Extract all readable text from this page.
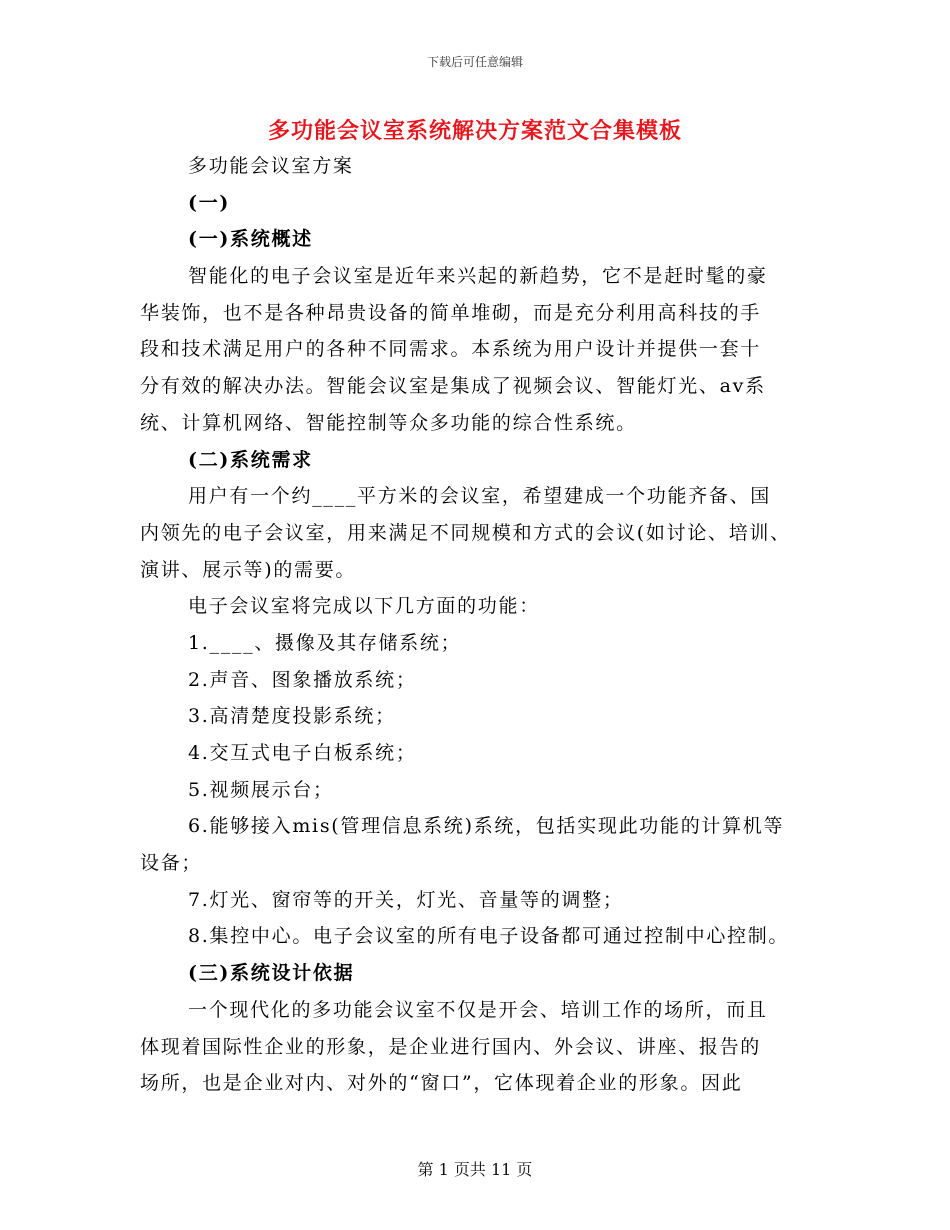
下载后可任意编辑
多功能会议室系统解决方案范文合集模板
多功能会议室方案
(一)
(一)系统概述
智能化的电子会议室是近年来兴起的新趋势，它不是赶时髦的豪
华装饰，也不是各种昂贵设备的简单堆砌，而是充分利用高科技的手
段和技术满足用户的各种不同需求。本系统为用户设计并提供一套十
分有效的解决办法。智能会议室是集成了视频会议、智能灯光、av系
统、计算机网络、智能控制等众多功能的综合性系统。
(二)系统需求
用户有一个约____平方米的会议室，希望建成一个功能齐备、国
内领先的电子会议室，用来满足不同规模和方式的会议(如讨论、培训、
演讲、展示等)的需要。
电子会议室将完成以下几方面的功能：
1.____、摄像及其存储系统；
2.声音、图象播放系统；
3.高清楚度投影系统；
4.交互式电子白板系统；
5.视频展示台；
6.能够接入mis(管理信息系统)系统，包括实现此功能的计算机等
设备；
7.灯光、窗帘等的开关，灯光、音量等的调整；
8.集控中心。电子会议室的所有电子设备都可通过控制中心控制。
(三)系统设计依据
一个现代化的多功能会议室不仅是开会、培训工作的场所，而且
体现着国际性企业的形象，是企业进行国内、外会议、讲座、报告的
场所，也是企业对内、对外的“窗口”，它体现着企业的形象。因此
第 1 页共 11 页
